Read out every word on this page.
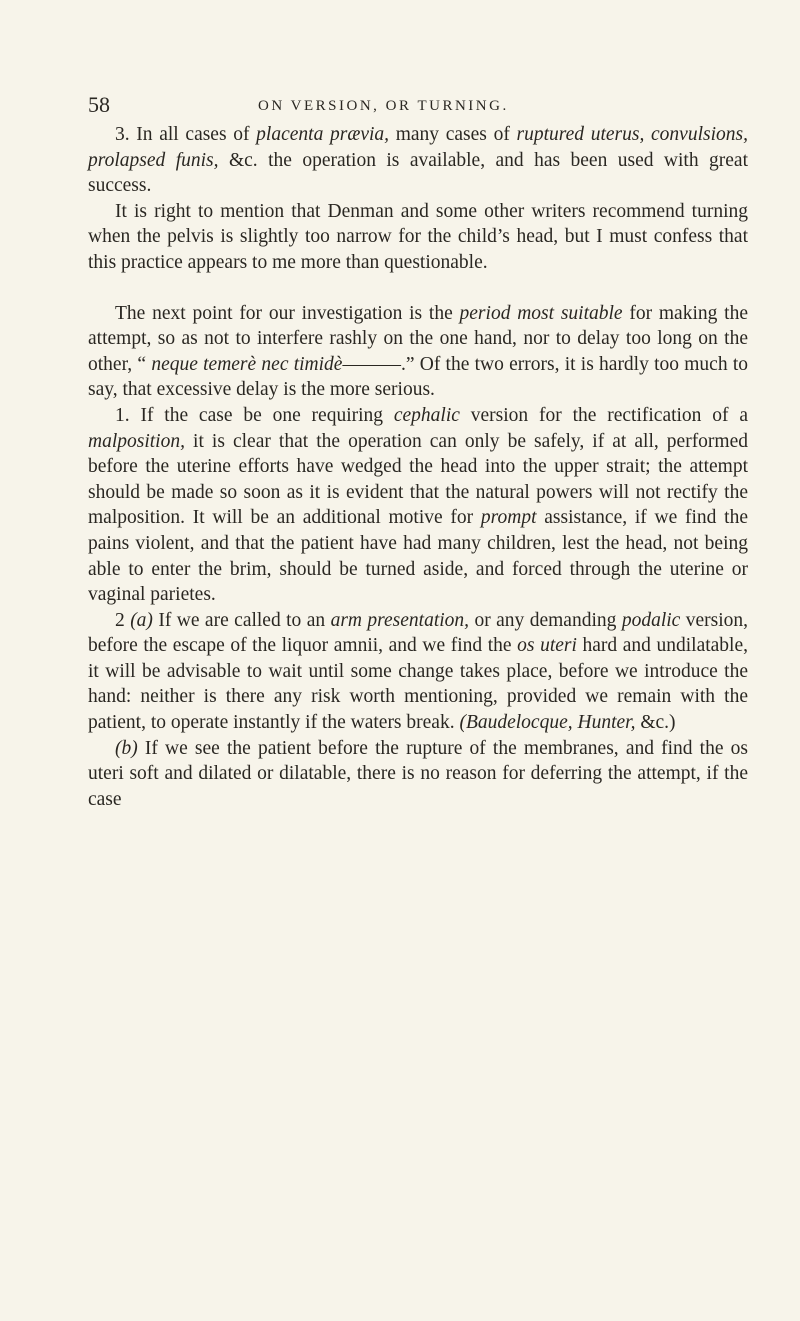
58	ON VERSION, OR TURNING.

3. In all cases of placenta prævia, many cases of ruptured uterus, convulsions, prolapsed funis, &c. the operation is available, and has been used with great success.

It is right to mention that Denman and some other writers recommend turning when the pelvis is slightly too narrow for the child’s head, but I must confess that this practice appears to me more than questionable.

The next point for our investigation is the period most suitable for making the attempt, so as not to interfere rashly on the one hand, nor to delay too long on the other, “ neque temerè nec timidè———.” Of the two errors, it is hardly too much to say, that excessive delay is the more serious.

1. If the case be one requiring cephalic version for the rectification of a malposition, it is clear that the operation can only be safely, if at all, performed before the uterine efforts have wedged the head into the upper strait; the attempt should be made so soon as it is evident that the natural powers will not rectify the malposition. It will be an additional motive for prompt assistance, if we find the pains violent, and that the patient have had many children, lest the head, not being able to enter the brim, should be turned aside, and forced through the uterine or vaginal parietes.

2 (a) If we are called to an arm presentation, or any demanding podalic version, before the escape of the liquor amnii, and we find the os uteri hard and undilatable, it will be advisable to wait until some change takes place, before we introduce the hand: neither is there any risk worth mentioning, provided we remain with the patient, to operate instantly if the waters break. (Baudelocque, Hunter, &c.)

(b) If we see the patient before the rupture of the membranes, and find the os uteri soft and dilated or dilatable, there is no reason for deferring the attempt, if the case
